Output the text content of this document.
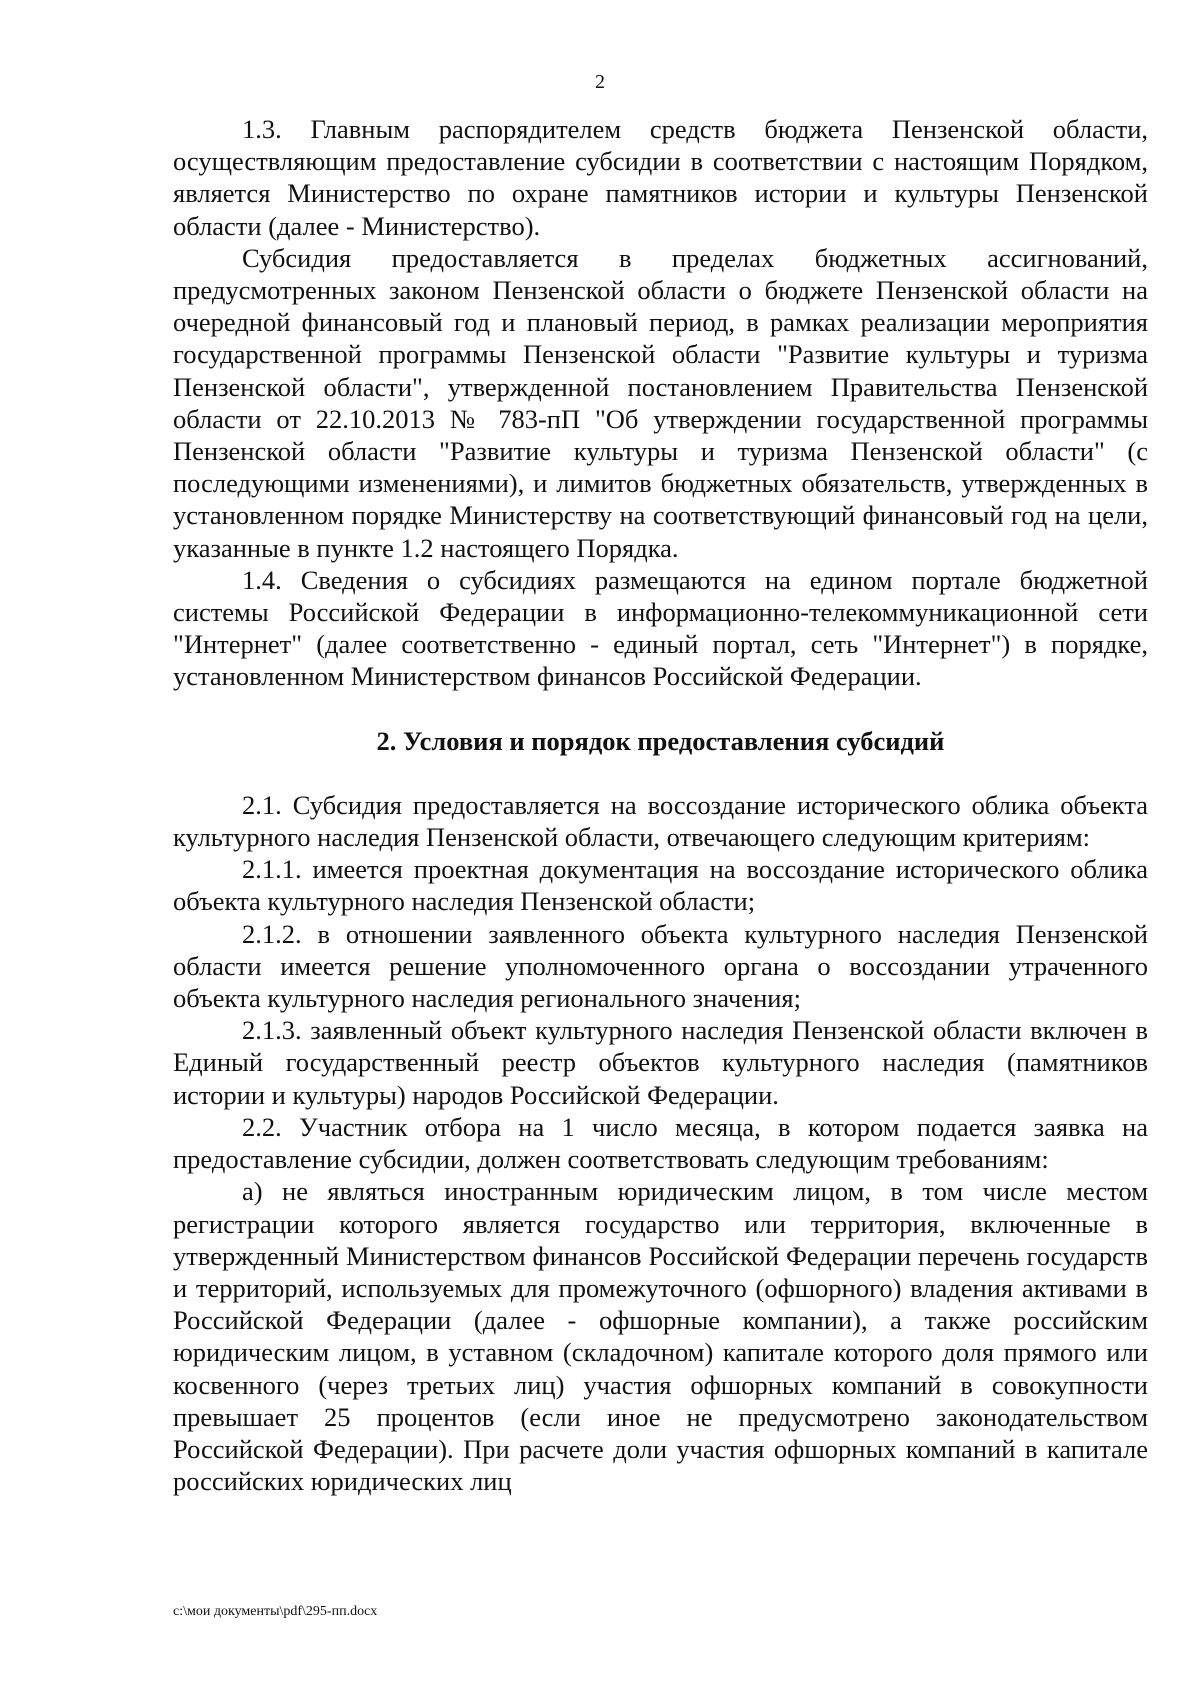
2

1.3. Главным распорядителем средств бюджета Пензенской области, осуществляющим предоставление субсидии в соответствии с настоящим Порядком, является Министерство по охране памятников истории и культуры Пензенской области (далее - Министерство).

Субсидия предоставляется в пределах бюджетных ассигнований, предусмотренных законом Пензенской области о бюджете Пензенской области на очередной финансовый год и плановый период, в рамках реализации мероприятия государственной программы Пензенской области "Развитие культуры и туризма Пензенской области", утвержденной постановлением Правительства Пензенской области от 22.10.2013 № 783-пП "Об утверждении государственной программы Пензенской области "Развитие культуры и туризма Пензенской области" (с последующими изменениями), и лимитов бюджетных обязательств, утвержденных в установленном порядке Министерству на соответствующий финансовый год на цели, указанные в пункте 1.2 настоящего Порядка.

1.4. Сведения о субсидиях размещаются на едином портале бюджетной системы Российской Федерации в информационно-телекоммуникационной сети "Интернет" (далее соответственно - единый портал, сеть "Интернет") в порядке, установленном Министерством финансов Российской Федерации.

2. Условия и порядок предоставления субсидий

2.1. Субсидия предоставляется на воссоздание исторического облика объекта культурного наследия Пензенской области, отвечающего следующим критериям:

2.1.1. имеется проектная документация на воссоздание исторического облика объекта культурного наследия Пензенской области;

2.1.2. в отношении заявленного объекта культурного наследия Пензенской области имеется решение уполномоченного органа о воссоздании утраченного объекта культурного наследия регионального значения;

2.1.3. заявленный объект культурного наследия Пензенской области включен в Единый государственный реестр объектов культурного наследия (памятников истории и культуры) народов Российской Федерации.

2.2. Участник отбора на 1 число месяца, в котором подается заявка на предоставление субсидии, должен соответствовать следующим требованиям:

а) не являться иностранным юридическим лицом, в том числе местом регистрации которого является государство или территория, включенные в утвержденный Министерством финансов Российской Федерации перечень государств и территорий, используемых для промежуточного (офшорного) владения активами в Российской Федерации (далее - офшорные компании), а также российским юридическим лицом, в уставном (складочном) капитале которого доля прямого или косвенного (через третьих лиц) участия офшорных компаний в совокупности превышает 25 процентов (если иное не предусмотрено законодательством Российской Федерации). При расчете доли участия офшорных компаний в капитале российских юридических лиц

c:\мои документы\pdf\295-пп.docx
